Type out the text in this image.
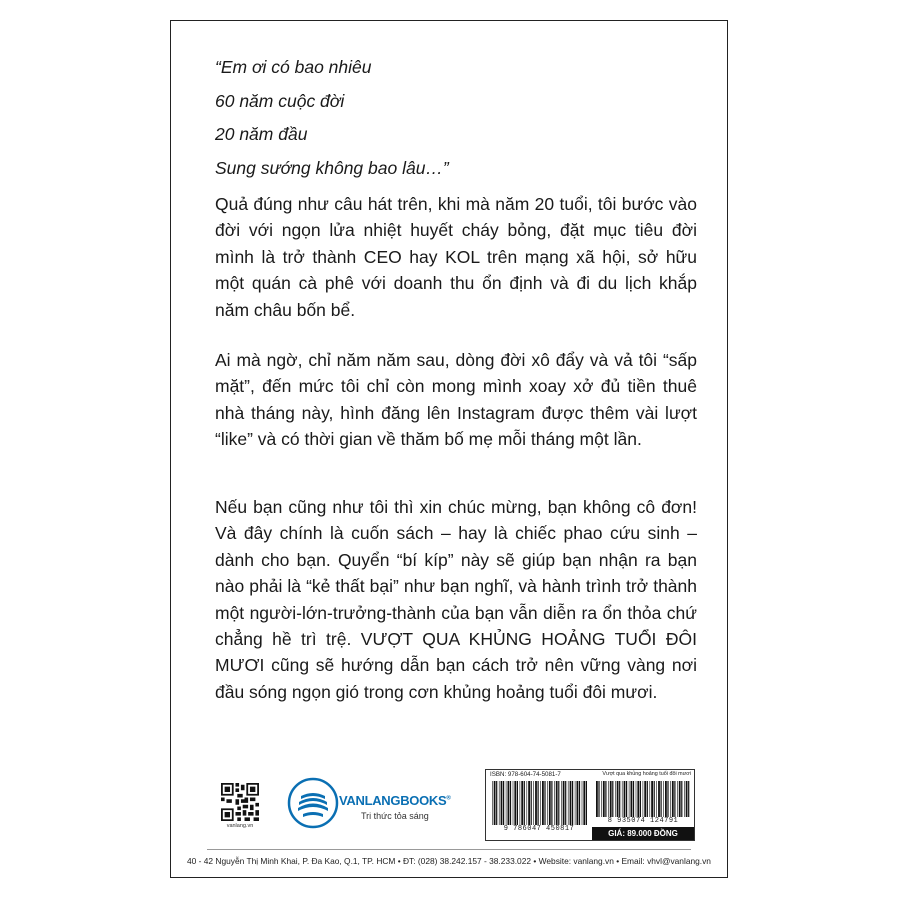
“Em ơi có bao nhiêu
60 năm cuộc đời
20 năm đầu
Sung sướng không bao lâu…”

Quả đúng như câu hát trên, khi mà năm 20 tuổi, tôi bước vào đời với ngọn lửa nhiệt huyết cháy bỏng, đặt mục tiêu đời mình là trở thành CEO hay KOL trên mạng xã hội, sở hữu một quán cà phê với doanh thu ổn định và đi du lịch khắp năm châu bốn bể.

Ai mà ngờ, chỉ năm năm sau, dòng đời xô đẩy và vả tôi “sấp mặt”, đến mức tôi chỉ còn mong mình xoay xở đủ tiền thuê nhà tháng này, hình đăng lên Instagram được thêm vài lượt “like” và có thời gian về thăm bố mẹ mỗi tháng một lần.

Nếu bạn cũng như tôi thì xin chúc mừng, bạn không cô đơn! Và đây chính là cuốn sách – hay là chiếc phao cứu sinh – dành cho bạn. Quyển “bí kíp” này sẽ giúp bạn nhận ra bạn nào phải là “kẻ thất bại” như bạn nghĩ, và hành trình trở thành một người-lớn-trưởng-thành của bạn vẫn diễn ra ổn thỏa chứ chẳng hề trì trệ. VƯỢT QUA KHỦNG HOẢNG TUỔI ĐÔI MƯƠI cũng sẽ hướng dẫn bạn cách trở nên vững vàng nơi đầu sóng ngọn gió trong cơn khủng hoảng tuổi đôi mươi.

vanlang.vn
VANLANGBOOKS®
Tri thức tỏa sáng
ISBN: 978-604-74-5081-7	Vượt qua khủng hoảng tuổi đôi mươi
9 786047 450817
8 935074 124791
GIÁ: 89.000 ĐỒNG
40 - 42 Nguyễn Thị Minh Khai, P. Đa Kao, Q.1, TP. HCM • ĐT: (028) 38.242.157 - 38.233.022 • Website: vanlang.vn • Email: vhvl@vanlang.vn
